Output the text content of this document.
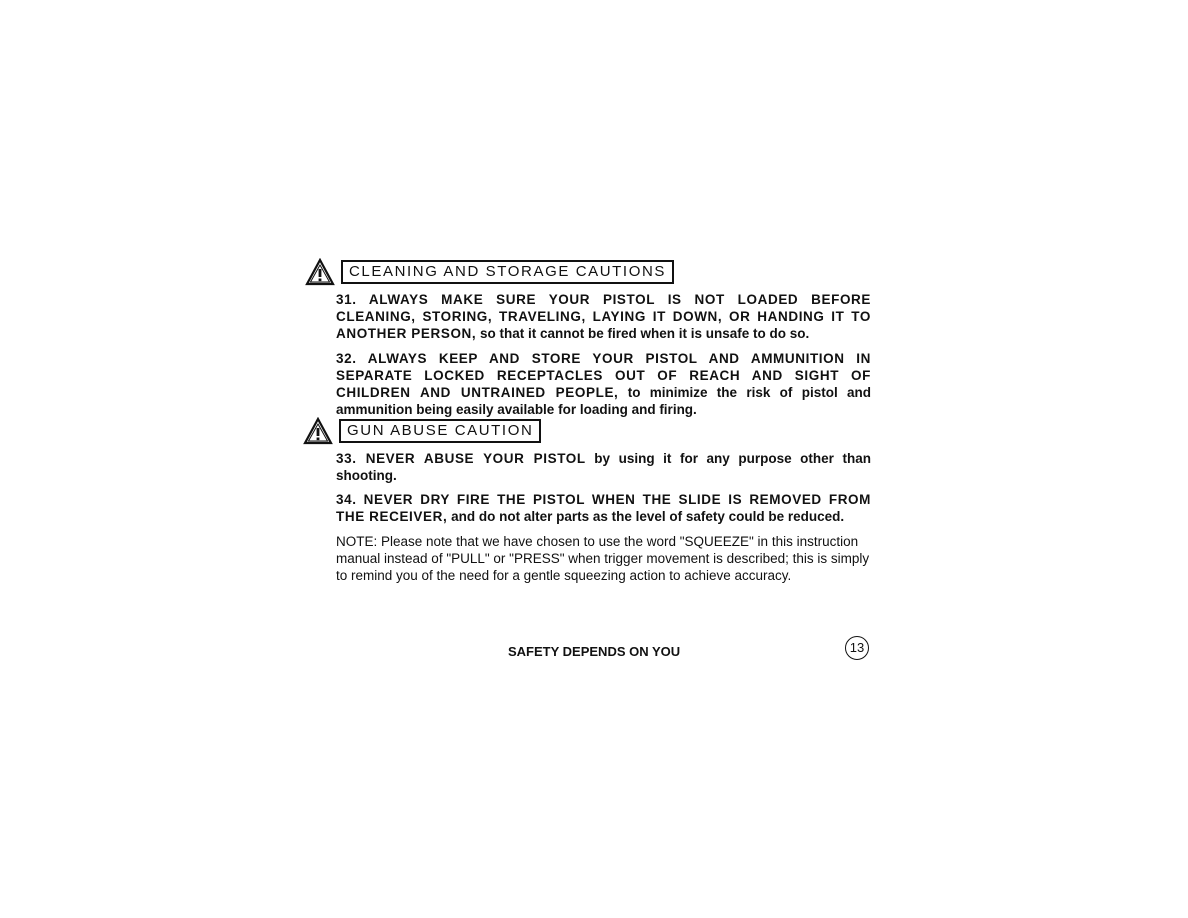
CLEANING AND STORAGE CAUTIONS

31. ALWAYS MAKE SURE YOUR PISTOL IS NOT LOADED BEFORE CLEANING, STORING, TRAVELING, LAYING IT DOWN, OR HANDING IT TO ANOTHER PERSON, so that it cannot be fired when it is unsafe to do so.

32. ALWAYS KEEP AND STORE YOUR PISTOL AND AMMUNITION IN SEPARATE LOCKED RECEPTACLES OUT OF REACH AND SIGHT OF CHILDREN AND UNTRAINED PEOPLE, to minimize the risk of pistol and ammunition being easily available for loading and firing.

GUN ABUSE CAUTION

33. NEVER ABUSE YOUR PISTOL by using it for any purpose other than shooting.

34. NEVER DRY FIRE THE PISTOL WHEN THE SLIDE IS REMOVED FROM THE RECEIVER, and do not alter parts as the level of safety could be reduced.

NOTE: Please note that we have chosen to use the word "SQUEEZE" in this instruction manual instead of "PULL" or "PRESS" when trigger movement is described; this is simply to remind you of the need for a gentle squeezing action to achieve accuracy.

SAFETY DEPENDS ON YOU	13
